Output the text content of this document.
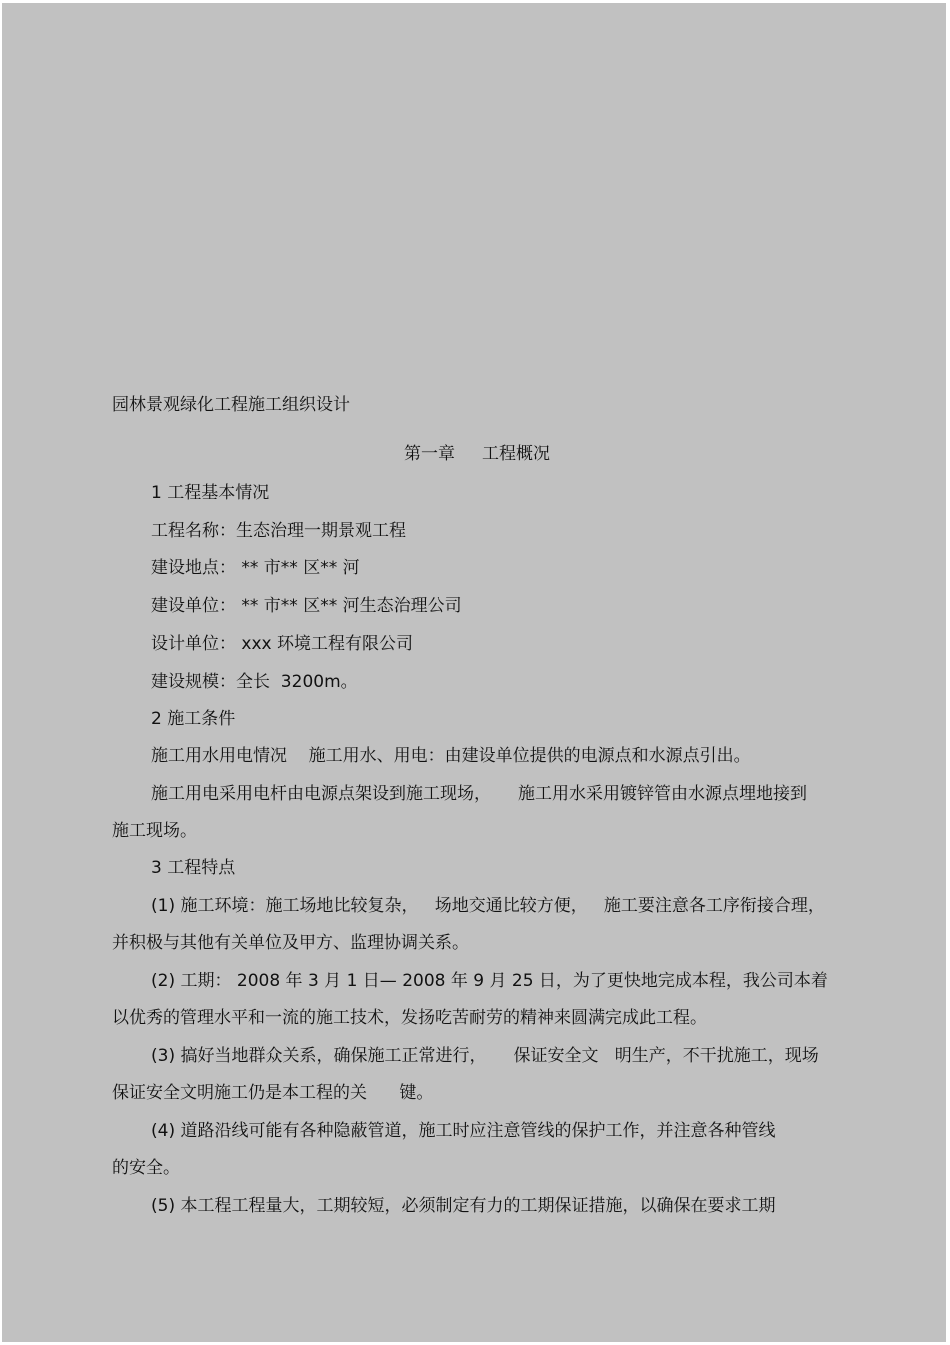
园林景观绿化工程施工组织设计
第一章     工程概况
1 工程基本情况
工程名称：生态治理一期景观工程
建设地点： ** 市** 区** 河
建设单位： ** 市** 区** 河生态治理公司
设计单位： xxx 环境工程有限公司
建设规模：全长  3200m。
2 施工条件
施工用水用电情况    施工用水、用电：由建设单位提供的电源点和水源点引出。
施工用电采用电杆由电源点架设到施工现场，     施工用水采用镀锌管由水源点埋地接到
施工现场。
3 工程特点
(1) 施工环境：施工场地比较复杂，   场地交通比较方便，   施工要注意各工序衔接合理，
并积极与其他有关单位及甲方、监理协调关系。
(2) 工期： 2008 年 3 月 1 日— 2008 年 9 月 25 日，为了更快地完成本程，我公司本着
以优秀的管理水平和一流的施工技术，发扬吃苦耐劳的精神来圆满完成此工程。
(3) 搞好当地群众关系，确保施工正常进行，     保证安全文   明生产，不干扰施工，现场
保证安全文明施工仍是本工程的关      键。
(4) 道路沿线可能有各种隐蔽管道，施工时应注意管线的保护工作，并注意各种管线
的安全。
(5) 本工程工程量大，工期较短，必须制定有力的工期保证措施，以确保在要求工期
